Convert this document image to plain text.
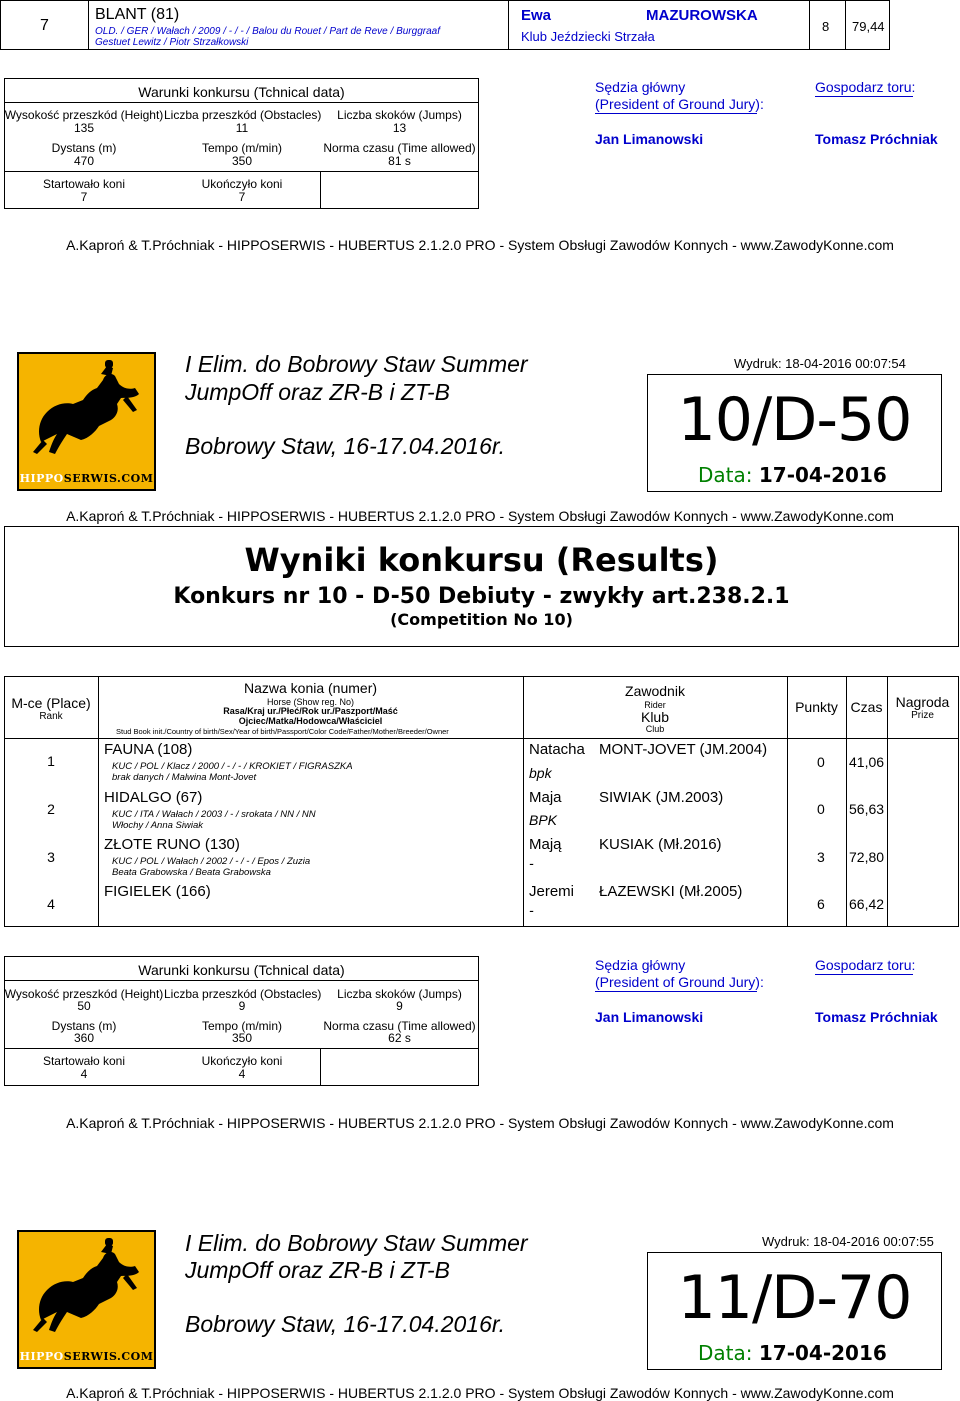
7
BLANT (81)
OLD. / GER / Wałach / 2009 / - / - / Balou du Rouet / Part de Reve / Burggraaf
Gestuet Lewitz / Piotr Strzałkowski
Ewa	MAZUROWSKA
Klub Jeździecki Strzała
8 79,44
Warunki konkursu (Tchnical data)
Wysokość przeszkód (Height)
135
Liczba przeszkód (Obstacles)
11
Liczba skoków (Jumps)
13
Dystans (m)
470
Tempo (m/min)
350
Norma czasu (Time allowed)
81 s
Startowało koni
7
Ukończyło koni
7
Sędzia główny
(President of Ground Jury):
Gospodarz toru:
Jan Limanowski	Tomasz Próchniak
A.Kaproń & T.Próchniak - HIPPOSERWIS - HUBERTUS 2.1.2.0 PRO - System Obsługi Zawodów Konnych - www.ZawodyKonne.com
HIPPOSERWIS.COM
I Elim. do Bobrowy Staw Summer
JumpOff oraz ZR-B i ZT-B
Bobrowy Staw, 16-17.04.2016r.
Wydruk: 18-04-2016 00:07:54
10/D-50
Data: 17-04-2016
A.Kaproń & T.Próchniak - HIPPOSERWIS - HUBERTUS 2.1.2.0 PRO - System Obsługi Zawodów Konnych - www.ZawodyKonne.com
Wyniki konkursu (Results)
Konkurs nr 10 - D-50 Debiuty - zwykły art.238.2.1
(Competition No 10)
M-ce (Place)
Rank
Nazwa konia (numer)
Horse (Show reg. No)
Rasa/Kraj ur./Płeć/Rok ur./Paszport/Maść
Ojciec/Matka/Hodowca/Właściciel
Stud Book init./Country of birth/Sex/Year of birth/Passport/Color Code/Father/Mother/Breeder/Owner
Zawodnik
Rider
Klub
Club
Punkty Czas Nagroda
Prize
1
FAUNA (108)
KUC / POL / Klacz / 2000 / - / - / KROKIET / FIGRASZKA
brak danych / Malwina Mont-Jovet
Natacha MONT-JOVET (JM.2004)
bpk
0 41,06
2
HIDALGO (67)
KUC / ITA / Wałach / 2003 / - / srokata / NN / NN
Włochy / Anna Siwiak
Maja SIWIAK (JM.2003)
BPK
0 56,63
3
ZŁOTE RUNO (130)
KUC / POL / Wałach / 2002 / - / - / Epos / Zuzia
Beata Grabowska / Beata Grabowska
Mają KUSIAK (Mł.2016)
-	3 72,80
4
FIGIELEK (166)	Jeremi ŁAZEWSKI (Mł.2005)
-	6 66,42
Warunki konkursu (Tchnical data)
Wysokość przeszkód (Height)
50
Liczba przeszkód (Obstacles)
9
Liczba skoków (Jumps)
9
Dystans (m)
360
Tempo (m/min)
350
Norma czasu (Time allowed)
62 s
Startowało koni
4
Ukończyło koni
4
Sędzia główny
(President of Ground Jury):
Gospodarz toru:
Jan Limanowski	Tomasz Próchniak
A.Kaproń & T.Próchniak - HIPPOSERWIS - HUBERTUS 2.1.2.0 PRO - System Obsługi Zawodów Konnych - www.ZawodyKonne.com
HIPPOSERWIS.COM
I Elim. do Bobrowy Staw Summer
JumpOff oraz ZR-B i ZT-B
Bobrowy Staw, 16-17.04.2016r.
Wydruk: 18-04-2016 00:07:55
11/D-70
Data: 17-04-2016
A.Kaproń & T.Próchniak - HIPPOSERWIS - HUBERTUS 2.1.2.0 PRO - System Obsługi Zawodów Konnych - www.ZawodyKonne.com
